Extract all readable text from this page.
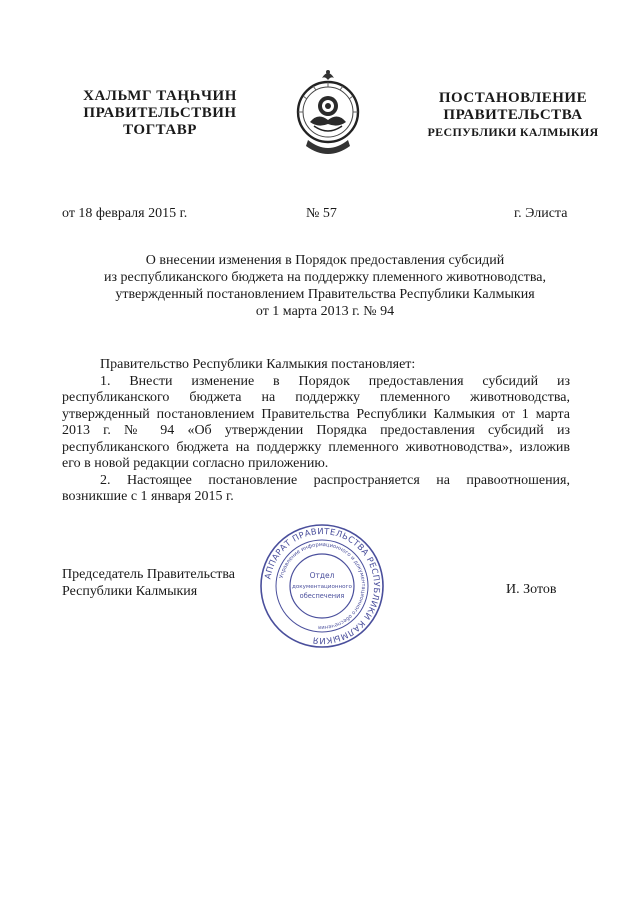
ХАЛЬМГ ТАҢҺЧИН
ПРАВИТЕЛЬСТВИН
ТОГТАВР
ПОСТАНОВЛЕНИЕ
ПРАВИТЕЛЬСТВА
РЕСПУБЛИКИ КАЛМЫКИЯ
от 18 февраля 2015 г.	№ 57	г. Элиста
О внесении изменения в Порядок предоставления субсидий
из республиканского бюджета на поддержку племенного животноводства,
утвержденный постановлением Правительства Республики Калмыкия
от 1 марта 2013 г. № 94

Правительство Республики Калмыкия постановляет:

1. Внести изменение в Порядок предоставления субсидий из республиканского бюджета на поддержку племенного животноводства, утвержденный постановлением Правительства Республики Калмыкия от 1 марта 2013 г. № 94 «Об утверждении Порядка предоставления субсидий из республиканского бюджета на поддержку племенного животноводства», изложив его в новой редакции согласно приложению.

2. Настоящее постановление распространяется на правоотношения, возникшие с 1 января 2015 г.

Председатель Правительства
Республики Калмыкия
АППАРАТ ПРАВИТЕЛЬСТВА РЕСПУБЛИКИ КАЛМЫКИЯ
Управление информационного и документационного обеспечения
Отдел
документационного
обеспечения	И. Зотов
